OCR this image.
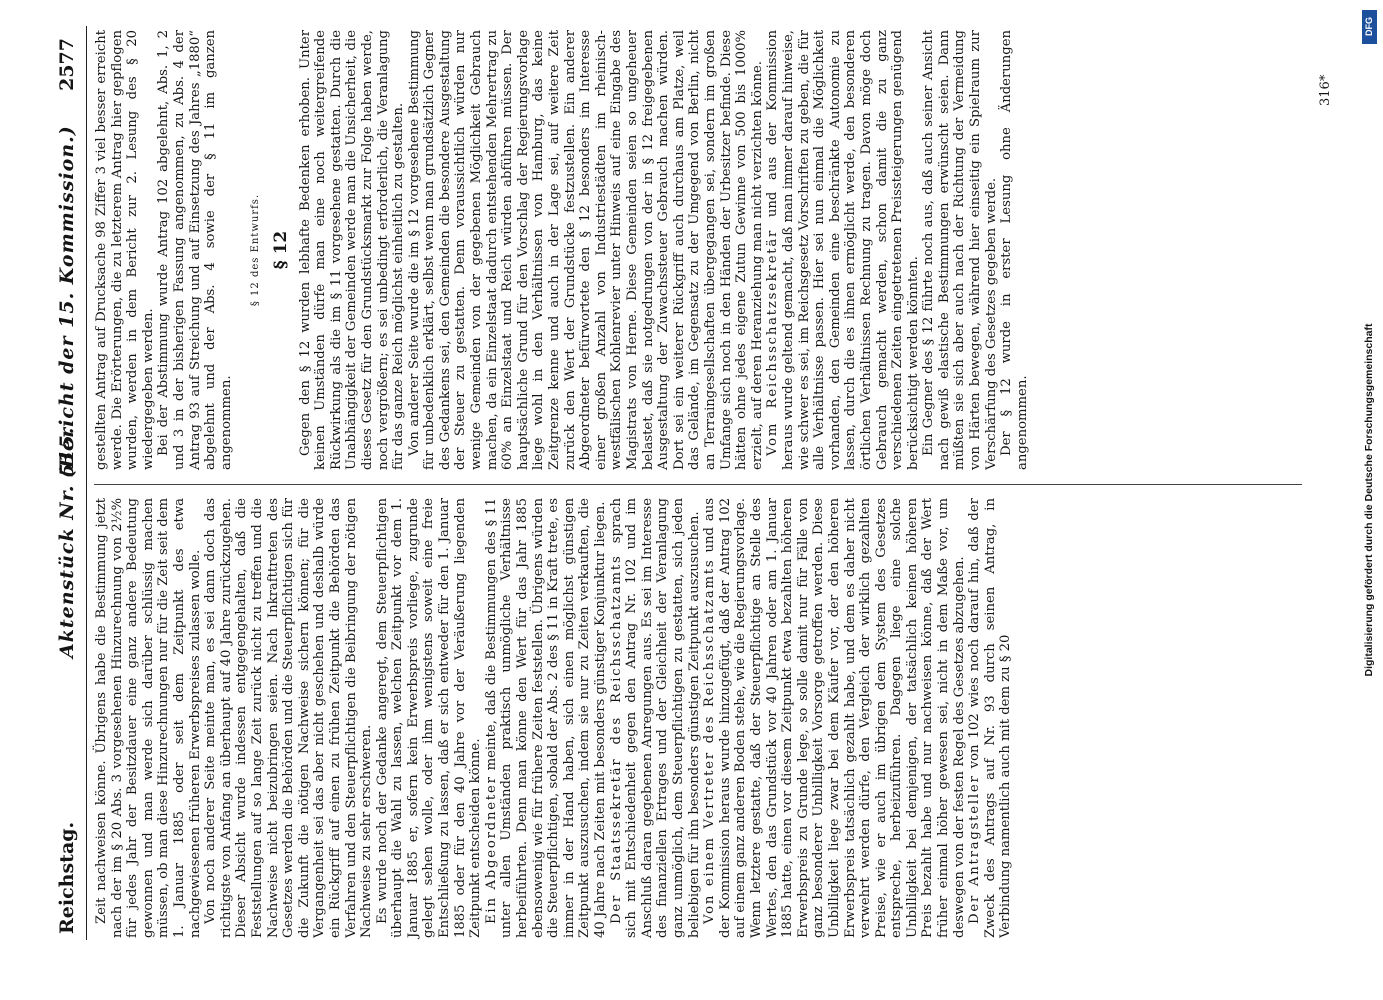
Reichstag.
Aktenstück Nr. 515.
(Bericht der 15. Kommission.)
2577

Zeit nachweisen könne. Übrigens habe die Bestimmung jetzt nach der im § 20 Abs. 3 vorgesehenen Hinzurechnung von 2½% für jedes Jahr der Besitzdauer eine ganz andere Bedeutung gewonnen und man werde sich darüber schlüssig machen müssen, ob man diese Hinzurechnungen nur für die Zeit seit dem 1. Januar 1885 oder seit dem Zeitpunkt des etwa nachgewiesenen früheren Erwerbspreises zulassen wolle. Von noch anderer Seite meinte man, es sei dann doch das richtigste von Anfang an überhaupt auf 40 Jahre zurückzugehen. Dieser Absicht wurde indessen entgegengehalten, daß die Feststellungen auf so lange Zeit zurück nicht zu treffen und die Nachweise nicht beizubringen seien. Nach Inkrafttreten des Gesetzes werden die Behörden und die Steuerpflichtigen sich für die Zukunft die nötigen Nachweise sichern können; für die Vergangenheit sei das aber nicht geschehen und deshalb würde ein Rückgriff auf einen zu frühen Zeitpunkt die Behörden das Verfahren und den Steuerpflichtigen die Beibringung der nötigen Nachweise zu sehr erschweren. Es wurde noch der Gedanke angeregt, dem Steuerpflichtigen überhaupt die Wahl zu lassen, welchen Zeitpunkt vor dem 1. Januar 1885 er, sofern kein Erwerbspreis vorliege, zugrunde gelegt sehen wolle, oder ihm wenigstens soweit eine freie Entschließung zu lassen, daß er sich entweder für den 1. Januar 1885 oder für den 40 Jahre vor der Veräußerung liegenden Zeitpunkt entscheiden könne. Ein Abgeordneter meinte, daß die Bestimmungen des § 11 unter allen Umständen praktisch unmögliche Verhältnisse herbeiführten. Denn man könne den Wert für das Jahr 1885 ebensowenig wie für frühere Zeiten feststellen. Übrigens würden die Steuerpflichtigen, sobald der Abs. 2 des § 11 in Kraft trete, es immer in der Hand haben, sich einen möglichst günstigen Zeitpunkt auszusuchen, indem sie nur zu Zeiten verkauften, die 40 Jahre nach Zeiten mit besonders günstiger Konjunktur liegen. Der Staatssekretär des Reichsschatzamts sprach sich mit Entschiedenheit gegen den Antrag Nr. 102 und im Anschluß daran gegebenen Anregungen aus. Es sei im Interesse des finanziellen Ertrages und der Gleichheit der Veranlagung ganz unmöglich, dem Steuerpflichtigen zu gestatten, sich jeden beliebigen für ihn besonders günstigen Zeitpunkt auszusuchen. Von einem Vertreter des Reichsschatzamts und aus der Kommission heraus wurde hinzugefügt, daß der Antrag 102 auf einem ganz anderen Boden stehe, wie die Regierungsvorlage. Wenn letztere gestatte, daß der Steuerpflichtige an Stelle des Wertes, den das Grundstück vor 40 Jahren oder am 1. Januar 1885 hatte, einen vor diesem Zeitpunkt etwa bezahlten höheren Erwerbspreis zu Grunde lege, so solle damit nur für Fälle von ganz besonderer Unbilligkeit Vorsorge getroffen werden. Diese Unbilligkeit liege zwar bei dem Käufer vor, der den höheren Erwerbspreis tatsächlich gezahlt habe, und dem es daher nicht verwehrt werden dürfe, den Vergleich der wirklich gezahlten Preise, wie er auch im übrigen dem System des Gesetzes entspreche, herbeizuführen. Dagegen liege eine solche Unbilligkeit bei demjenigen, der tatsächlich keinen höheren Preis bezahlt habe und nur nachweisen könne, daß der Wert früher einmal höher gewesen sei, nicht in dem Maße vor, um deswegen von der festen Regel des Gesetzes abzugehen. Der Antragsteller von 102 wies noch darauf hin, daß der Zweck des Antrags auf Nr. 93 durch seinen Antrag, in Verbindung namentlich auch mit dem zu § 20

gestellten Antrag auf Drucksache 98 Ziffer 3 viel besser erreicht werde. Die Erörterungen, die zu letzterem Antrag hier gepflogen wurden, werden in dem Bericht zur 2. Lesung des § 20 wiedergegeben werden. Bei der Abstimmung wurde Antrag 102 abgelehnt, Abs. 1, 2 und 3 in der bisherigen Fassung angenommen, zu Abs. 4 der Antrag 93 auf Streichung und auf Einsetzung des Jahres „1880“ abgelehnt und der Abs. 4 sowie der § 11 im ganzen angenommen.

§ 12 des Entwurfs. § 12 Gegen den § 12 wurden lebhafte Bedenken erhoben. Unter keinen Umständen dürfe man eine noch weitergreifende Rückwirkung als die im § 11 vorgesehene gestatten. Durch die Unabhängigkeit der Gemeinden werde man die Unsicherheit, die dieses Gesetz für den Grundstücksmarkt zur Folge haben werde, noch vergrößern; es sei unbedingt erforderlich, die Veranlagung für das ganze Reich möglichst einheitlich zu gestalten. Von anderer Seite wurde die im § 12 vorgesehene Bestimmung für unbedenklich erklärt, selbst wenn man grundsätzlich Gegner des Gedankens sei, den Gemeinden die besondere Ausgestaltung der Steuer zu gestatten. Denn voraussichtlich würden nur wenige Gemeinden von der gegebenen Möglichkeit Gebrauch machen, da ein Einzelstaat dadurch entstehenden Mehrertrag zu 60% an Einzelstaat und Reich würden abführen müssen. Der hauptsächliche Grund für den Vorschlag der Regierungsvorlage liege wohl in den Verhältnissen von Hamburg, das keine Zeitgrenze kenne und auch in der Lage sei, auf weitere Zeit zurück den Wert der Grundstücke festzustellen. Ein anderer Abgeordneter befürwortete den § 12 besonders im Interesse einer großen Anzahl von Industriestädten im rheinisch-westfälischen Kohlenrevier unter Hinweis auf eine Eingabe des Magistrats von Herne. Diese Gemeinden seien so ungeheuer belastet, daß sie notgedrungen von der in § 12 freigegebenen Ausgestaltung der Zuwachssteuer Gebrauch machen würden. Dort sei ein weiterer Rückgriff auch durchaus am Platze, weil das Gelände, im Gegensatz zu der Umgegend von Berlin, nicht an Terraingesellschaften übergegangen sei, sondern im großen Umfange sich noch in den Händen der Urbesitzer befinde. Diese hätten ohne jedes eigene Zutun Gewinne von 500 bis 1000% erzielt, auf deren Heranziehung man nicht verzichten könne. Vom Reichsschatzsekretär und aus der Kommission heraus wurde geltend gemacht, daß man immer darauf hinweise, wie schwer es sei, im Reichsgesetz Vorschriften zu geben, die für alle Verhältnisse passen. Hier sei nun einmal die Möglichkeit vorhanden, den Gemeinden eine beschränkte Autonomie zu lassen, durch die es ihnen ermöglicht werde, den besonderen örtlichen Verhältnissen Rechnung zu tragen. Davon möge doch Gebrauch gemacht werden, schon damit die zu ganz verschiedenen Zeiten eingetretenen Preissteigerungen genügend berücksichtigt werden könnten. Ein Gegner des § 12 führte noch aus, daß auch seiner Ansicht nach gewiß elastische Bestimmungen erwünscht seien. Dann müßten sie sich aber auch nach der Richtung der Vermeidung von Härten bewegen, während hier einseitig ein Spielraum zur Verschärfung des Gesetzes gegeben werde. Der § 12 wurde in erster Lesung ohne Änderungen angenommen.

316*
DFG
Digitalisierung gefördert durch die Deutsche Forschungsgemeinschaft
